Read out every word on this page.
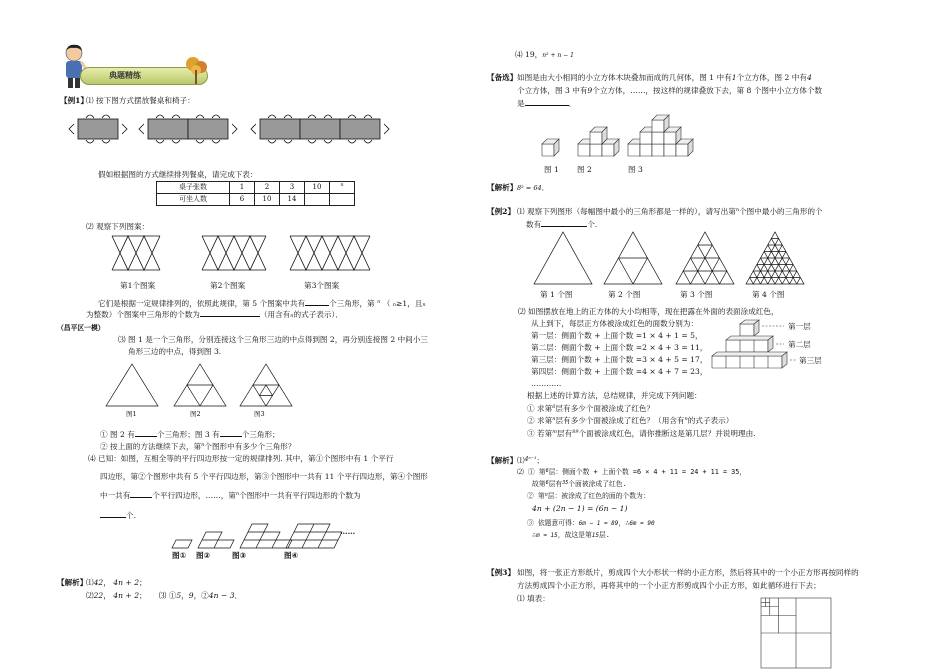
典题精练
【例1】
⑴ 按下图方式摆放餐桌和椅子：
假如根据图的方式继续排列餐桌，请完成下表：
桌子张数	1	2	3	10	n
可坐人数	6	10	14		
⑵ 观察下列图案：
第1个图案	第2个图案	第3个图案
它们是根据一定规律排列的，依照此规律，第 5 个图案中共有	个三角形，第 $^n$ （ n≥1，且n
为整数）个图案中三角形的个数为	（用含有n的式子表示）．
（昌平区一模）
⑶ 图 1 是一个三角形，分别连接这个三角形三边的中点得到图 2，再分别连接图 2 中间小三
角形三边的中点，得到图 3.
图1	图2	图3
① 图 2 有	个三角形；图 3 有	个三角形；
② 按上面的方法继续下去，第$^n$个图形中有多少个三角形？
⑷ 已知：如图，互相全等的平行四边形按一定的规律排列. 其中，第①个图形中有 1 个平行
四边形，第②个图形中共有 5 个平行四边形，第③个图形中一共有 11 个平行四边形，第④个图形
中一共有	个平行四边形，……，第$^n$个图形中一共有平行四边形的个数为
个.
……
图① 图②	图③	图④
【解析】
⑴42， 4n + 2；
⑵22， 4n + 2； ⑶ ①5，9，②4n − 3．
⑷ 19，n² + n − 1
【备选】 如图是由大小相同的小立方体木块叠加而成的几何体，图 1 中有1个立方体，图 2 中有4
个立方体，图 3 中有9个立方体，……，按这样的规律叠放下去，第 8 个图中小立方体个数
是	．
图 1 图 2	图 3
【解析】 8² = 64．
【例2】 ⑴ 观察下列图形（每幅图中最小的三角形都是一样的），请写出第$^n$个图中最小的三角形的个
数有	个.
第 1 个图	第 2 个图	第 3 个图	第 4 个图
⑵ 如图摆放在地上的正方体的大小均相等，现在把露在外面的表面涂成红色，
从上到下，每层正方体被涂成红色的面数分别为：
第一层：侧面个数 + 上面个数 =1 × 4 + 1 = 5，
第二层：侧面个数 + 上面个数 =2 × 4 + 3 = 11，
第三层：侧面个数 + 上面个数 =3 × 4 + 5 = 17，
第四层：侧面个数 + 上面个数 =4 × 4 + 7 = 23，
…………
第一层
第二层
第三层
根据上述的计算方法，总结规律，并完成下列问题：
① 求第$^6$层有多少个面被涂成了红色？
② 求第$^n$层有多少个面被涂成了红色？（用含有$^n$的式子表示）
③ 若第$^m$层有$^{89}$个面被涂成红色，请你推断这是第几层？并说明理由.
【解析】 ⑴$^{4^{n-1}}$；
⑵ ① 第$^6$层：侧面个数 + 上面个数 =6 × 4 + 11 = 24 + 11 = 35，
故第$^6$层有$^{35}$个面被涂成了红色.
② 第$^n$层：被涂成了红色的面的个数为：
4n + (2n − 1) = (6n − 1)
③ 依题意可得：6m − 1 = 89，∴6m = 90
∴m = 15，故这是第15层.
【例3】 如图，将一张正方形纸片，剪成四个大小形状一样的小正方形，然后将其中的一个小正方形再按同样的
方法剪成四个小正方形，再将其中的一个小正方形剪成四个小正方形，如此循环进行下去；
⑴ 填表：
